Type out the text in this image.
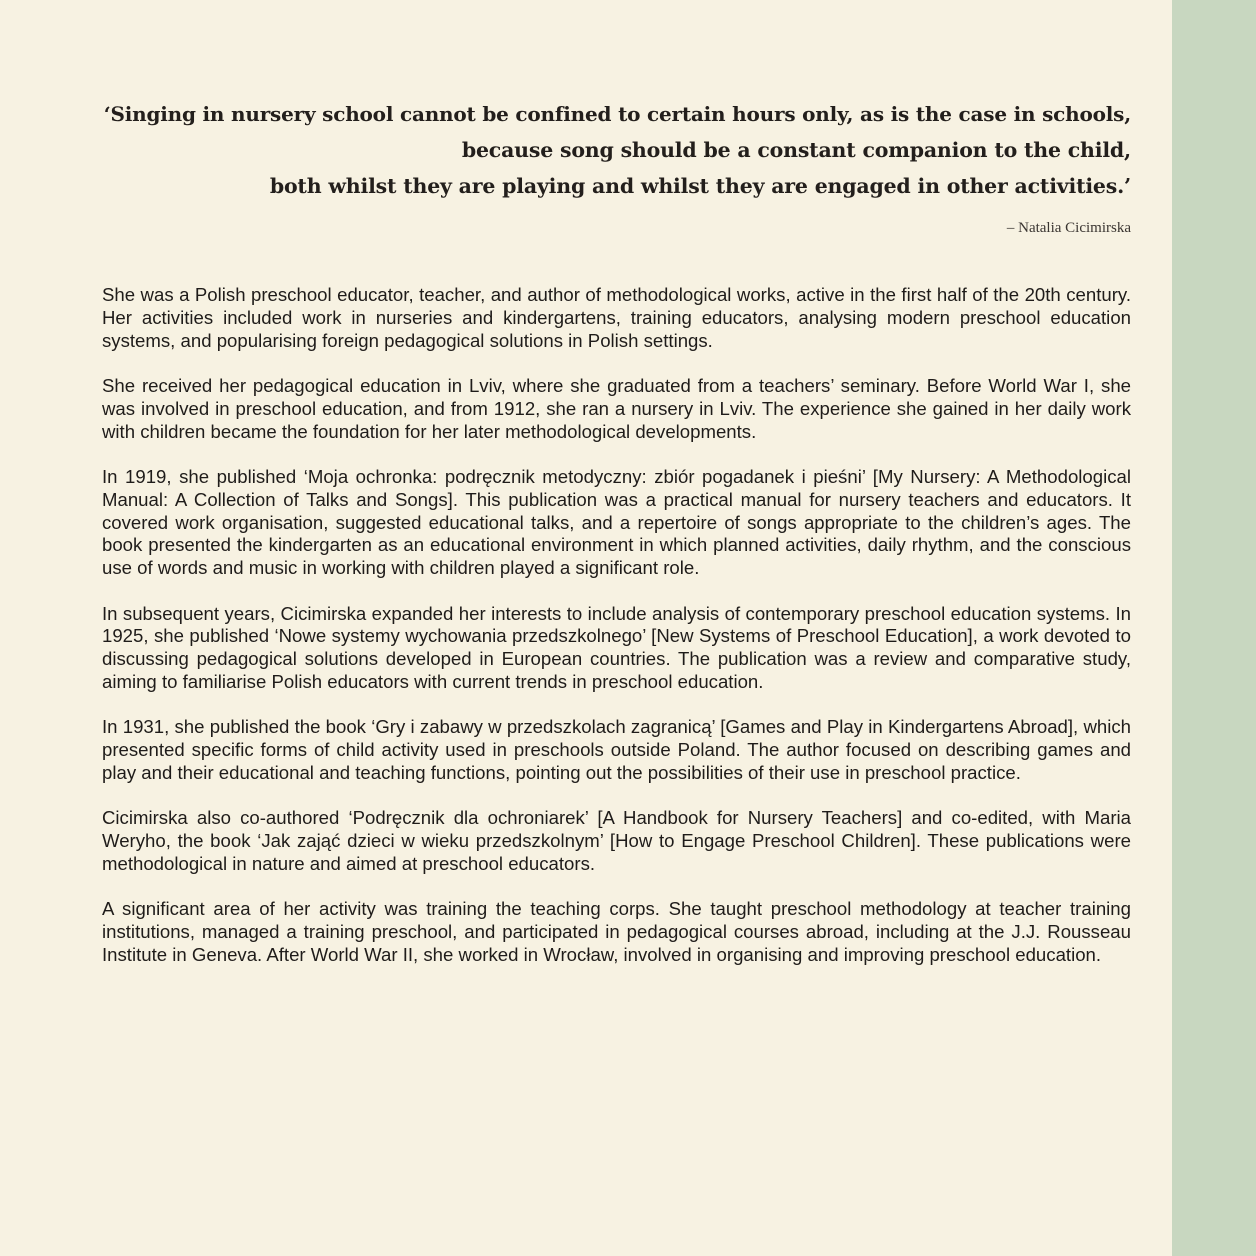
‘Singing in nursery school cannot be confined to certain hours only, as is the case in schools,
because song should be a constant companion to the child,
both whilst they are playing and whilst they are engaged in other activities.’
– Natalia Cicimirska

She was a Polish preschool educator, teacher, and author of methodological works, active in the first half of the 20th century. Her activities included work in nurseries and kindergartens, training educators, analysing modern preschool education systems, and popularising foreign pedagogical solutions in Polish settings.

She received her pedagogical education in Lviv, where she graduated from a teachers’ seminary. Before World War I, she was involved in preschool education, and from 1912, she ran a nursery in Lviv. The experience she gained in her daily work with children became the foundation for her later methodological developments.

In 1919, she published ‘Moja ochronka: podręcznik metodyczny: zbiór pogadanek i pieśni’ [My Nursery: A Methodological Manual: A Collection of Talks and Songs]. This publication was a practical manual for nursery teachers and educators. It covered work organisation, suggested educational talks, and a repertoire of songs appropriate to the children’s ages. The book presented the kindergarten as an educational environment in which planned activities, daily rhythm, and the conscious use of words and music in working with children played a significant role.

In subsequent years, Cicimirska expanded her interests to include analysis of contemporary preschool education systems. In 1925, she published ‘Nowe systemy wychowania przedszkolnego’ [New Systems of Preschool Education], a work devoted to discussing pedagogical solutions developed in European countries. The publication was a review and comparative study, aiming to familiarise Polish educators with current trends in preschool education.

In 1931, she published the book ‘Gry i zabawy w przedszkolach zagranicą’ [Games and Play in Kindergartens Abroad], which presented specific forms of child activity used in preschools outside Poland. The author focused on describing games and play and their educational and teaching functions, pointing out the possibilities of their use in preschool practice.

Cicimirska also co-authored ‘Podręcznik dla ochroniarek’ [A Handbook for Nursery Teachers] and co-edited, with Maria Weryho, the book ‘Jak zająć dzieci w wieku przedszkolnym’ [How to Engage Preschool Children]. These publications were methodological in nature and aimed at preschool educators.

A significant area of her activity was training the teaching corps. She taught preschool methodology at teacher training institutions, managed a training preschool, and participated in pedagogical courses abroad, including at the J.J. Rousseau Institute in Geneva. After World War II, she worked in Wrocław, involved in organising and improving preschool education.
